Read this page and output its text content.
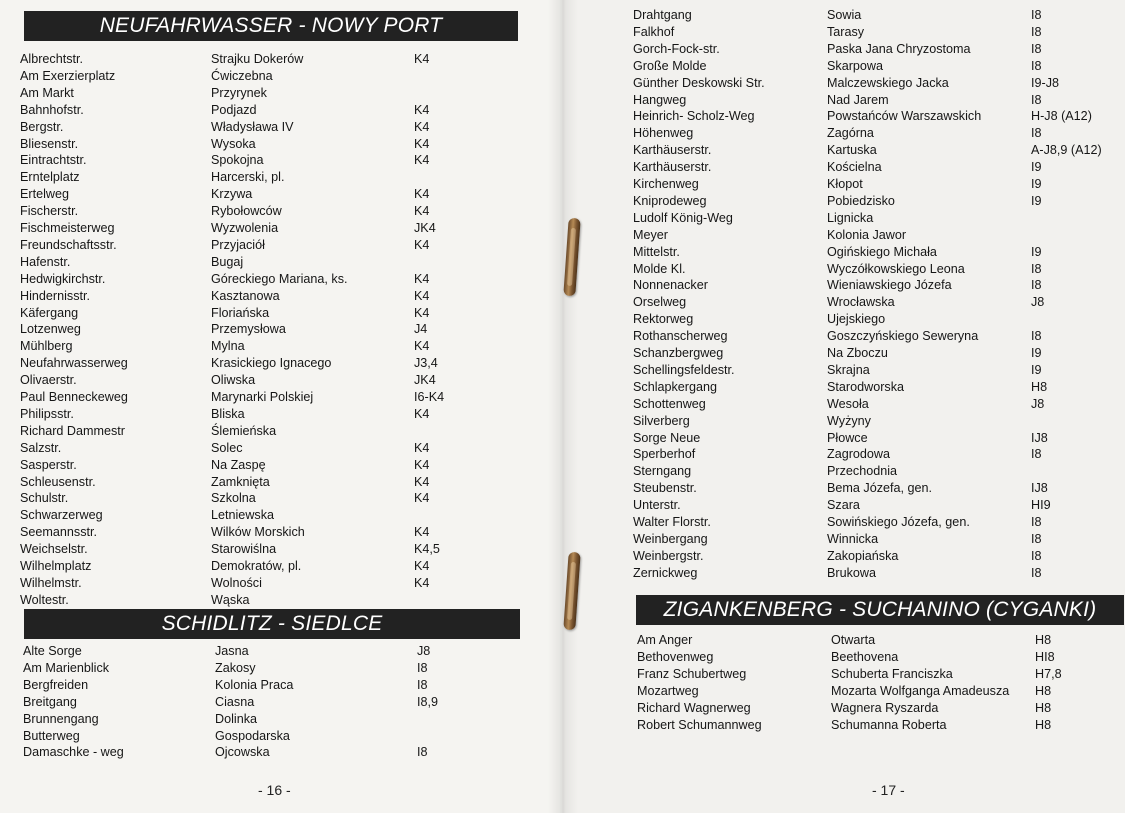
NEUFAHRWASSER - NOWY PORT
Albrechtstr.	Strajku Dokerów	K4
Am Exerzierplatz	Ćwiczebna
Am Markt	Przyrynek
Bahnhofstr.	Podjazd	K4
Bergstr.	Władysława IV	K4
Bliesenstr.	Wysoka	K4
Eintrachtstr.	Spokojna	K4
Erntelplatz	Harcerski, pl.
Ertelweg	Krzywa	K4
Fischerstr.	Rybołowców	K4
Fischmeisterweg	Wyzwolenia	JK4
Freundschaftsstr.	Przyjaciół	K4
Hafenstr.	Bugaj
Hedwigkirchstr.	Góreckiego Mariana, ks.	K4
Hindernisstr.	Kasztanowa	K4
Käfergang	Floriańska	K4
Lotzenweg	Przemysłowa	J4
Mühlberg	Mylna	K4
Neufahrwasserweg	Krasickiego Ignacego	J3,4
Olivaerstr.	Oliwska	JK4
Paul Benneckeweg	Marynarki Polskiej	I6-K4
Philipsstr.	Bliska	K4
Richard Dammestr	Ślemieńska
Salzstr.	Solec	K4
Sasperstr.	Na Zaspę	K4
Schleusenstr.	Zamknięta	K4
Schulstr.	Szkolna	K4
Schwarzerweg	Letniewska
Seemannsstr.	Wilków Morskich	K4
Weichselstr.	Starowiślna	K4,5
Wilhelmplatz	Demokratów, pl.	K4
Wilhelmstr.	Wolności	K4
Woltestr.	Wąska
SCHIDLITZ - SIEDLCE
Alte Sorge	Jasna	J8
Am Marienblick	Zakosy	I8
Bergfreiden	Kolonia Praca	I8
Breitgang	Ciasna	I8,9
Brunnengang	Dolinka
Butterweg	Gospodarska
Damaschke - weg	Ojcowska	I8
Drahtgang	Sowia	I8
Falkhof	Tarasy	I8
Gorch-Fock-str.	Paska Jana Chryzostoma	I8
Große Molde	Skarpowa	I8
Günther Deskowski Str.	Malczewskiego Jacka	I9-J8
Hangweg	Nad Jarem	I8
Heinrich- Scholz-Weg	Powstańców Warszawskich	H-J8 (A12)
Höhenweg	Zagórna	I8
Karthäuserstr.	Kartuska	A-J8,9 (A12)
Karthäuserstr.	Kościelna	I9
Kirchenweg	Kłopot	I9
Kniprodeweg	Pobiedzisko	I9
Ludolf König-Weg	Lignicka
Meyer	Kolonia Jawor
Mittelstr.	Ogińskiego Michała	I9
Molde Kl.	Wyczółkowskiego Leona	I8
Nonnenacker	Wieniawskiego Józefa	I8
Orselweg	Wrocławska	J8
Rektorweg	Ujejskiego
Rothanscherweg	Goszczyńskiego Seweryna	I8
Schanzbergweg	Na Zboczu	I9
Schellingsfeldestr.	Skrajna	I9
Schlapkergang	Starodworska	H8
Schottenweg	Wesoła	J8
Silverberg	Wyżyny
Sorge Neue	Płowce	IJ8
Sperberhof	Zagrodowa	I8
Sterngang	Przechodnia
Steubenstr.	Bema Józefa, gen.	IJ8
Unterstr.	Szara	HI9
Walter Florstr.	Sowińskiego Józefa, gen.	I8
Weinbergang	Winnicka	I8
Weinbergstr.	Zakopiańska	I8
Zernickweg	Brukowa	I8
ZIGANKENBERG - SUCHANINO (CYGANKI)
Am Anger	Otwarta	H8
Bethovenweg	Beethovena	HI8
Franz Schubertweg	Schuberta Franciszka	H7,8
Mozartweg	Mozarta Wolfganga Amadeusza H8
Richard Wagnerweg	Wagnera Ryszarda	H8
Robert Schumannweg	Schumanna Roberta	H8
- 16 -	- 17 -
